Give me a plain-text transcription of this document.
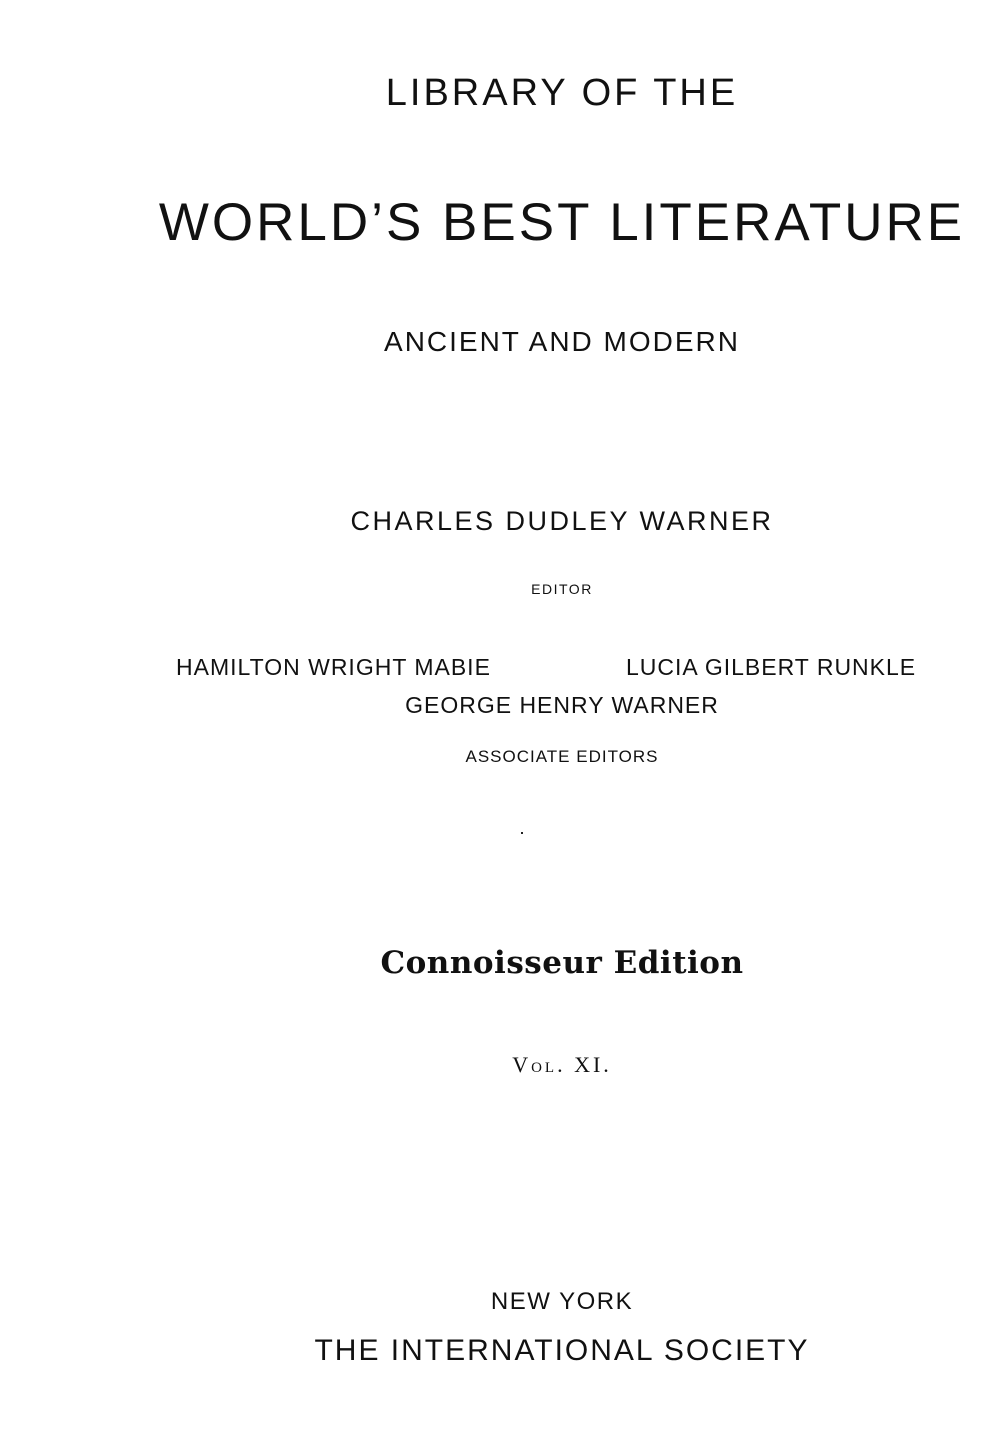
LIBRARY OF THE
WORLD’S BEST LITERATURE
ANCIENT AND MODERN
CHARLES DUDLEY WARNER
EDITOR
HAMILTON WRIGHT MABIE	LUCIA GILBERT RUNKLE
GEORGE HENRY WARNER
ASSOCIATE EDITORS
Connoisseur Edition
Vol. XI.
NEW YORK
THE INTERNATIONAL SOCIETY
